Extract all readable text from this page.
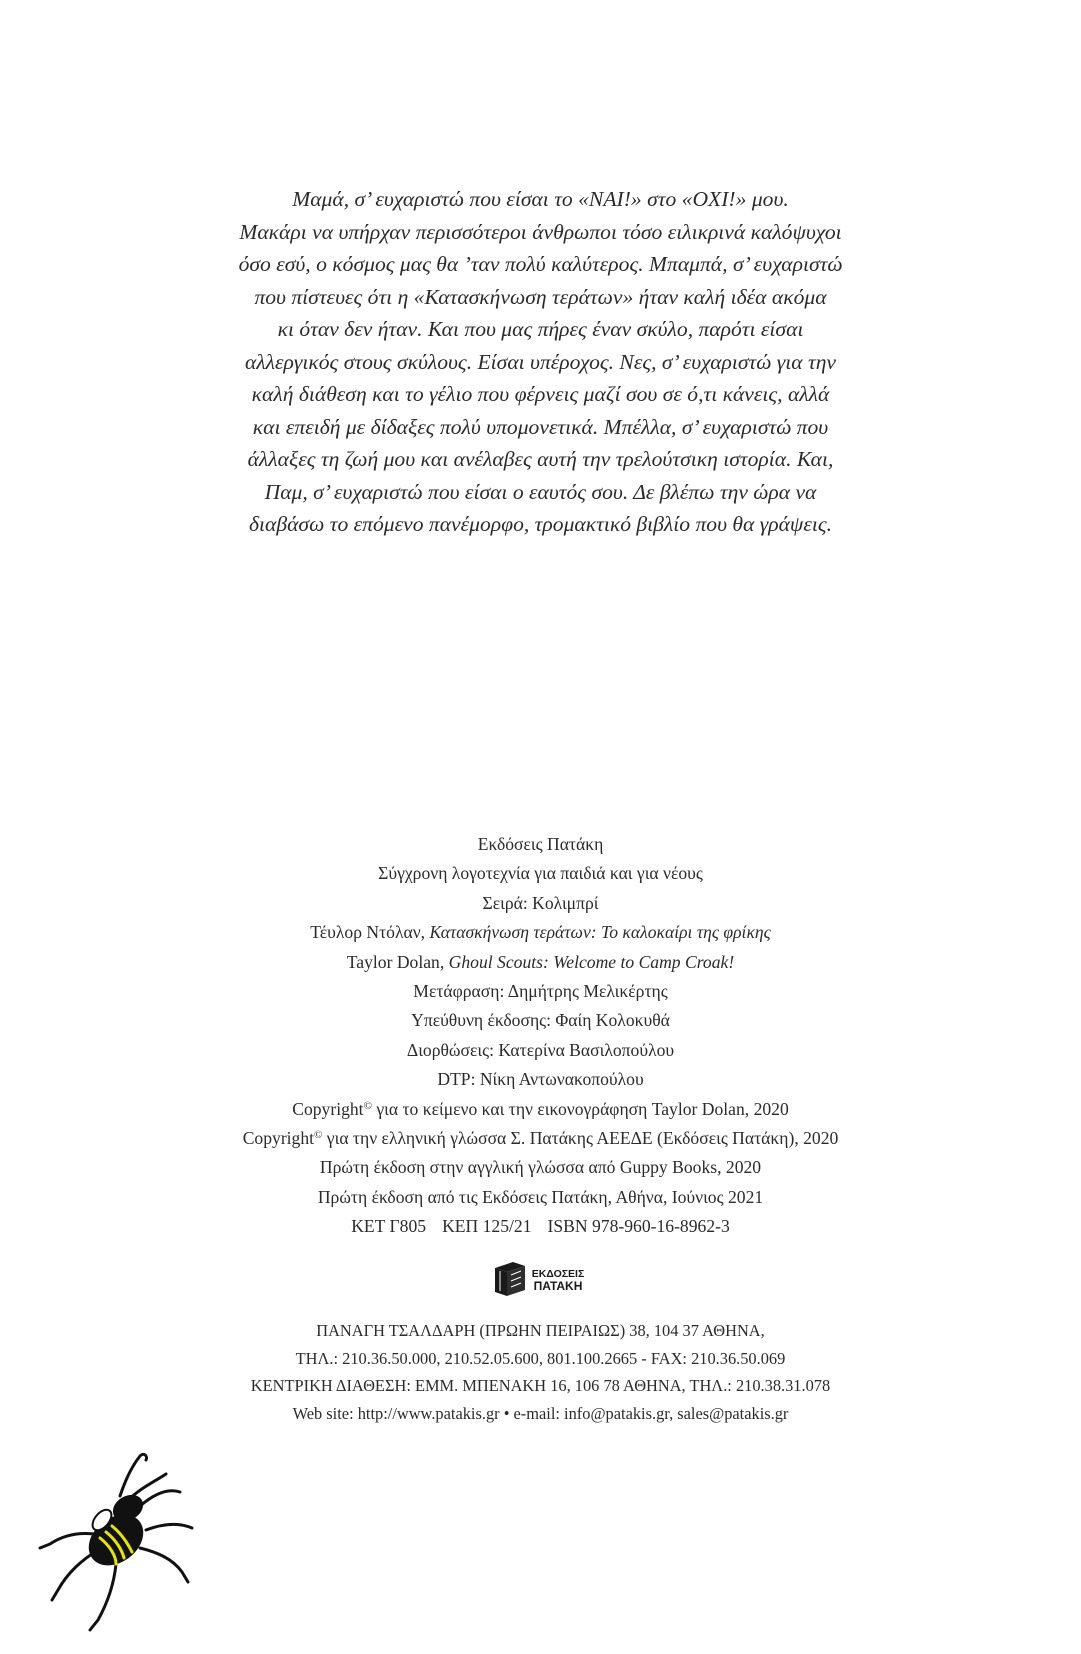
Μαμά, σ’ ευχαριστώ που είσαι το «ΝΑΙ!» στο «ΟΧΙ!» μου.
Μακάρι να υπήρχαν περισσότεροι άνθρωποι τόσο ειλικρινά καλόψυχοι
όσο εσύ, ο κόσμος μας θα ’ταν πολύ καλύτερος. Μπαμπά, σ’ ευχαριστώ
που πίστευες ότι η «Κατασκήνωση τεράτων» ήταν καλή ιδέα ακόμα
κι όταν δεν ήταν. Και που μας πήρες έναν σκύλο, παρότι είσαι
αλλεργικός στους σκύλους. Είσαι υπέροχος. Νες, σ’ ευχαριστώ για την
καλή διάθεση και το γέλιο που φέρνεις μαζί σου σε ό,τι κάνεις, αλλά
και επειδή με δίδαξες πολύ υπομονετικά. Μπέλλα, σ’ ευχαριστώ που
άλλαξες τη ζωή μου και ανέλαβες αυτή την τρελούτσικη ιστορία. Και,
Παμ, σ’ ευχαριστώ που είσαι ο εαυτός σου. Δε βλέπω την ώρα να
διαβάσω το επόμενο πανέμορφο, τρομακτικό βιβλίο που θα γράψεις.
Εκδόσεις Πατάκη
Σύγχρονη λογοτεχνία για παιδιά και για νέους
Σειρά: Κολιμπρί
Τέυλορ Ντόλαν, Κατασκήνωση τεράτων: Το καλοκαίρι της φρίκης
Taylor Dolan, Ghoul Scouts: Welcome to Camp Croak!
Μετάφραση: Δημήτρης Μελικέρτης
Υπεύθυνη έκδοσης: Φαίη Κολοκυθά
Διορθώσεις: Κατερίνα Βασιλοπούλου
DTP: Νίκη Αντωνακοπούλου
Copyright© για το κείμενο και την εικονογράφηση Taylor Dolan, 2020
Copyright© για την ελληνική γλώσσα Σ. Πατάκης ΑΕΕΔΕ (Εκδόσεις Πατάκη), 2020
Πρώτη έκδοση στην αγγλική γλώσσα από Guppy Books, 2020
Πρώτη έκδοση από τις Εκδόσεις Πατάκη, Αθήνα, Ιούνιος 2021
ΚΕΤ Γ805 ΚΕΠ 125/21 ISBN 978-960-16-8962-3
ΕΚΔΟΣΕΙΣ
ΠΑΤΑΚΗ
ΠΑΝΑΓΗ ΤΣΑΛΔΑΡΗ (ΠΡΩΗΝ ΠΕΙΡΑΙΩΣ) 38, 104 37 ΑΘΗΝΑ,
ΤΗΛ.: 210.36.50.000, 210.52.05.600, 801.100.2665 - FAX: 210.36.50.069
ΚΕΝΤΡΙΚΗ ΔΙΑΘΕΣΗ: ΕΜΜ. ΜΠΕΝΑΚΗ 16, 106 78 ΑΘΗΝΑ, ΤΗΛ.: 210.38.31.078
Web site: http://www.patakis.gr • e-mail: info@patakis.gr, sales@patakis.gr
